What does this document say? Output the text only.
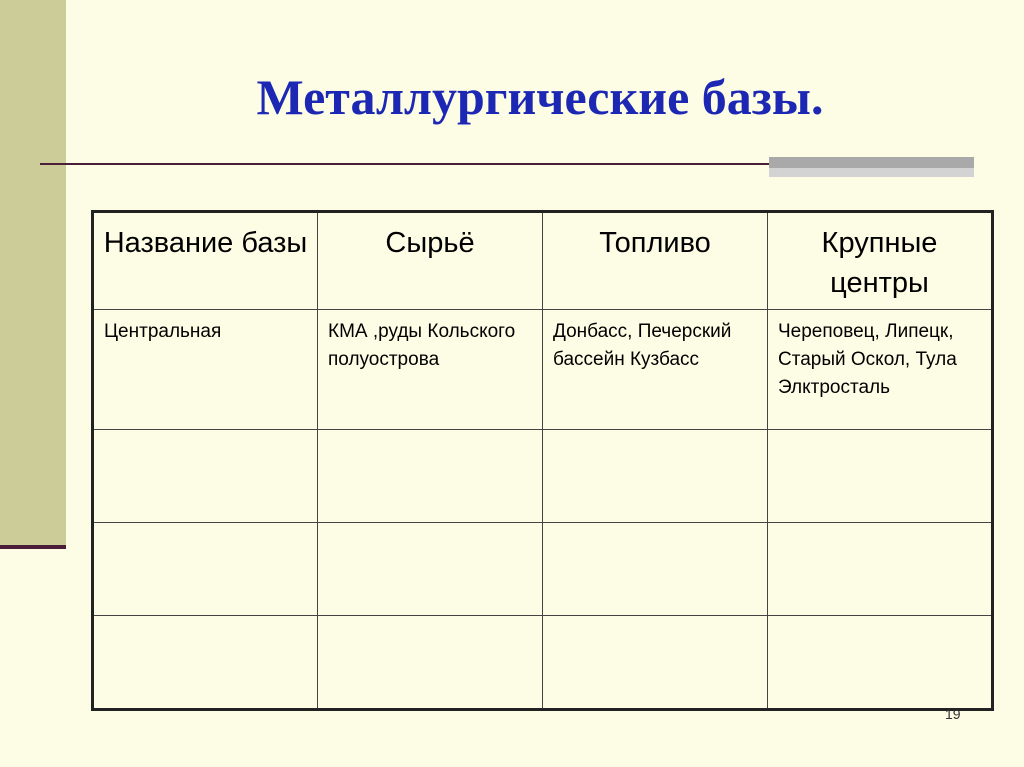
Металлургические базы.
Название базы	Сырьё	Топливо	Крупные центры
Центральная	КМА ,руды Кольского полуострова	Донбасс, Печерский бассейн Кузбасс	Череповец, Липецк, Старый Оскол, Тула Элктросталь

19
